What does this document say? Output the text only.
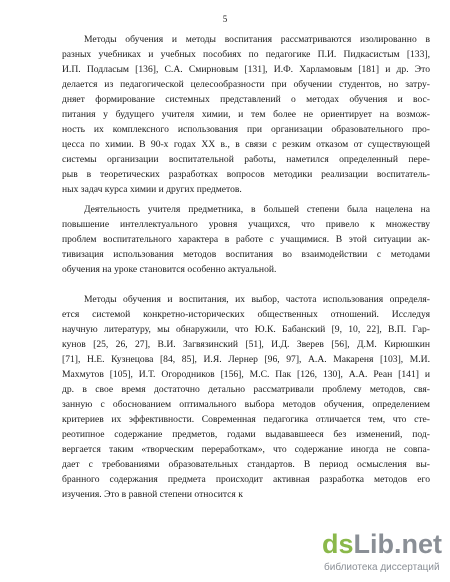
5
Методы обучения и методы воспитания рассматриваются изолированно в
разных учебниках и учебных пособиях по педагогике П.И. Пидкасистым [133],
И.П. Подласым [136], С.А. Смирновым [131], И.Ф. Харламовым [181] и др. Это
делается из педагогической целесообразности при обучении студентов, но затру-
дняет формирование системных представлений о методах обучения и вос-
питания у будущего учителя химии, и тем более не ориентирует на возмож-
ность их комплексного использования при организации образовательного про-
цесса по химии. В 90-х годах ХХ в., в связи с резким отказом от существующей
системы организации воспитательной работы, наметился определенный пере-
рыв в теоретических разработках вопросов методики реализации воспитатель-
ных задач курса химии и других предметов.
Деятельность учителя предметника, в большей степени была нацелена на
повышение интеллектуального уровня учащихся, что привело к множеству
проблем воспитательного характера в работе с учащимися. В этой ситуации ак-
тивизация использования методов воспитания во взаимодействии с методами
обучения на уроке становится особенно актуальной.
Методы обучения и воспитания, их выбор, частота использования определя-
ется системой конкретно-исторических общественных отношений. Исследуя
научную литературу, мы обнаружили, что Ю.К. Бабанский [9, 10, 22], В.П. Гар-
кунов [25, 26, 27], В.И. Загвязинский [51], И.Д. Зверев [56], Д.М. Кирюшкин
[71], Н.Е. Кузнецова [84, 85], И.Я. Лернер [96, 97], А.А. Макареня [103], М.И.
Махмутов [105], И.Т. Огородников [156], М.С. Пак [126, 130], А.А. Реан [141] и
др. в свое время достаточно детально рассматривали проблему методов, свя-
занную с обоснованием оптимального выбора методов обучения, определением
критериев их эффективности. Современная педагогика отличается тем, что сте-
реотипное содержание предметов, годами выдававшееся без изменений, под-
вергается таким «творческим переработкам», что содержание иногда не совпа-
дает с требованиями образовательных стандартов. В период осмысления вы-
бранного содержания предмета происходит активная разработка методов его
изучения. Это в равной степени относится к
dsLib.net
библиотека диссертаций
